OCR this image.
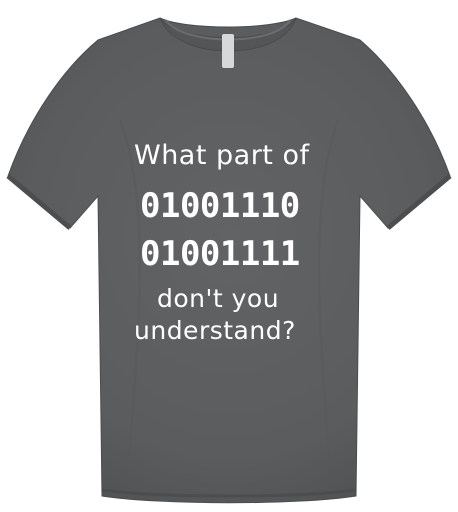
What part of
01001110
01001111
don't you
understand?
